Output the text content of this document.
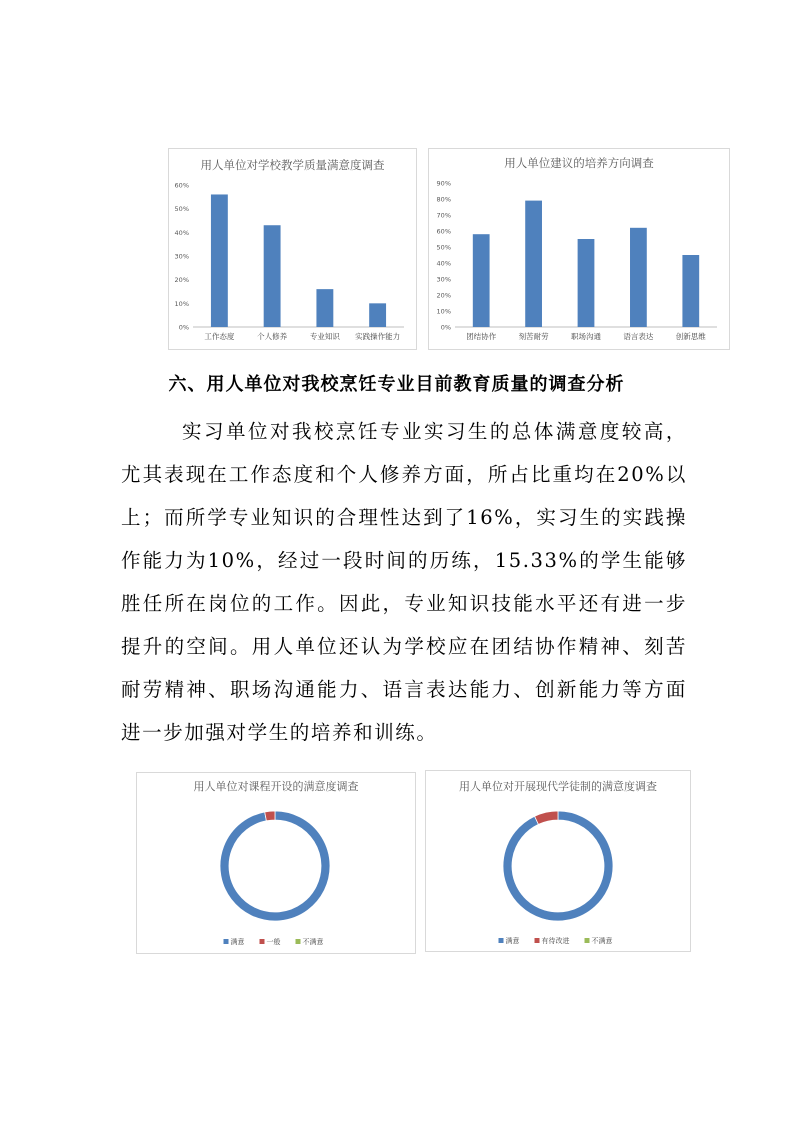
用人单位对学校教学质量满意度调查
0%
10%
20%
30%
40%
50%
60%
工作态度	个人修养	专业知识 实践操作能力
用人单位建议的培养方向调查
0%
10%
20%
30%
40%
50%
60%
70%
80%
90%
团结协作	刻苦耐劳	职场沟通	语言表达	创新思维
六、用人单位对我校烹饪专业目前教育质量的调查分析

实习单位对我校烹饪专业实习生的总体满意度较高，尤其表现在工作态度和个人修养方面，所占比重均在20%以上；而所学专业知识的合理性达到了16%，实习生的实践操作能力为10%，经过一段时间的历练，15.33%的学生能够胜任所在岗位的工作。因此，专业知识技能水平还有进一步提升的空间。用人单位还认为学校应在团结协作精神、刻苦耐劳精神、职场沟通能力、语言表达能力、创新能力等方面进一步加强对学生的培养和训练。

用人单位对课程开设的满意度调查
满意	一般	不满意
用人单位对开展现代学徒制的满意度调查
满意	有待改进	不满意
